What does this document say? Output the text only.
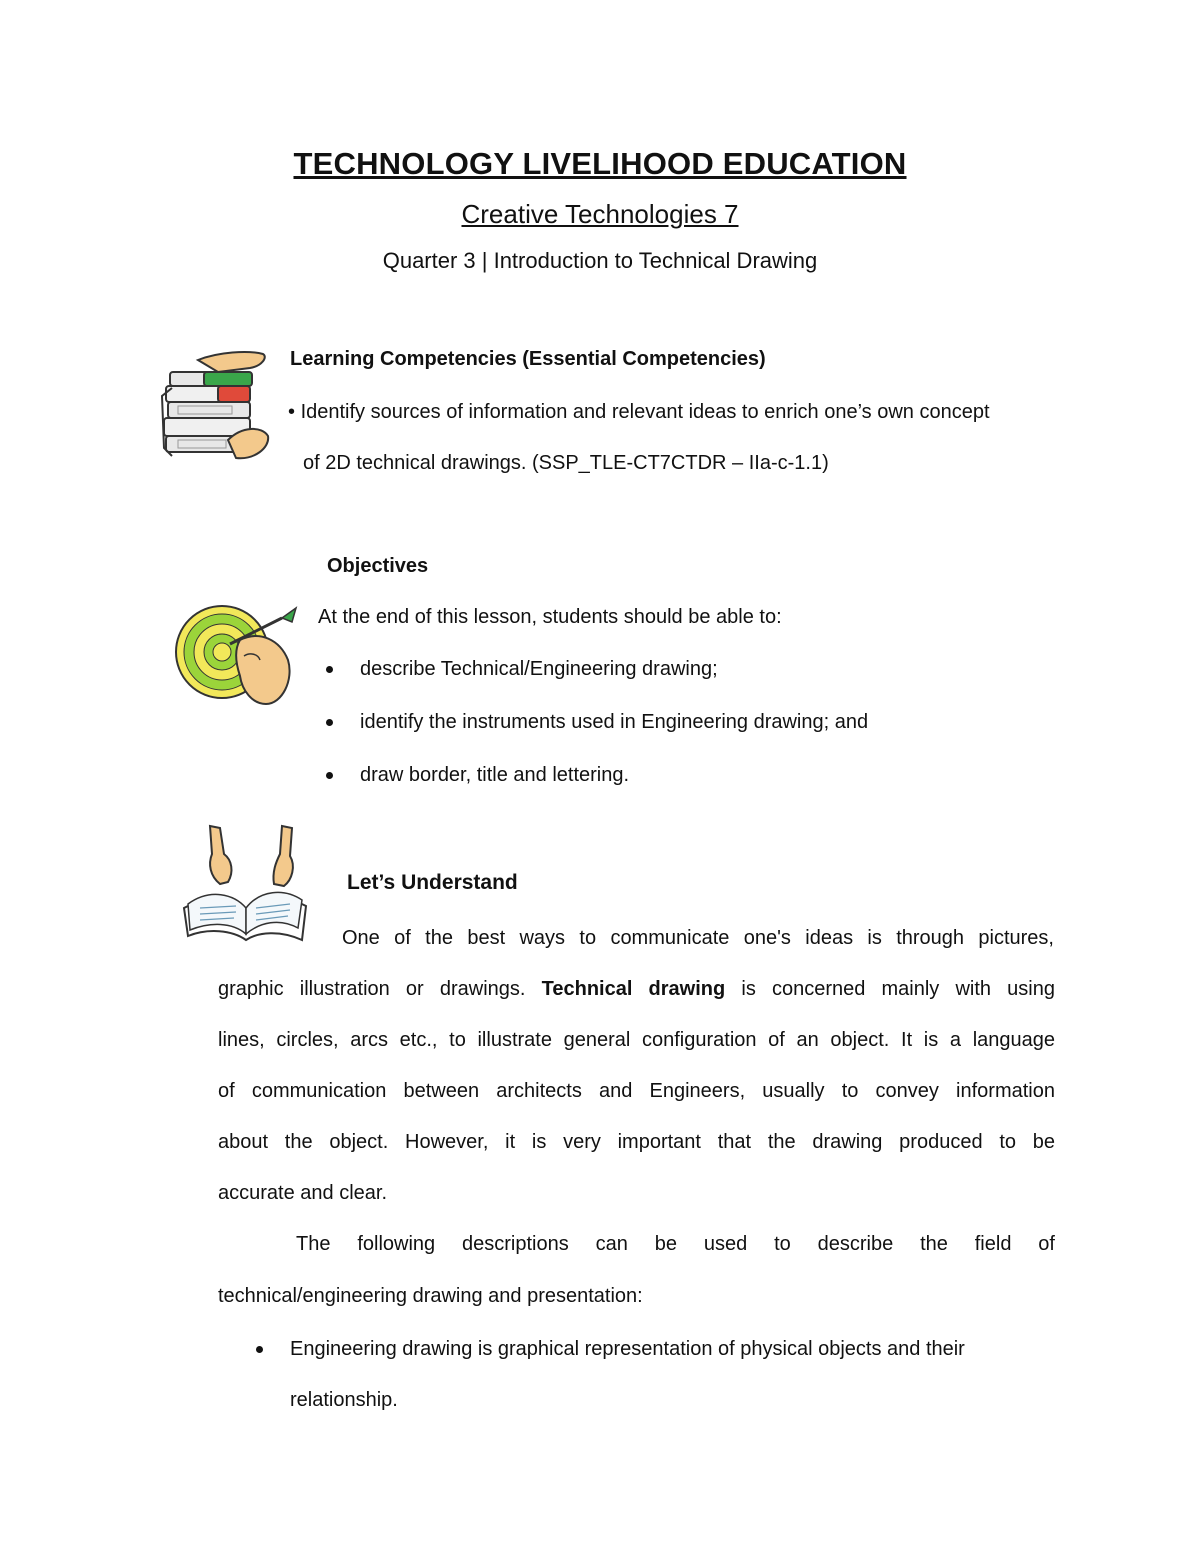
TECHNOLOGY LIVELIHOOD EDUCATION
Creative Technologies 7
Quarter 3 | Introduction to Technical Drawing
Learning Competencies (Essential Competencies)
• Identify sources of information and relevant ideas to enrich one’s own concept
of 2D technical drawings. (SSP_TLE-CT7CTDR – IIa-c-1.1)
Objectives
At the end of this lesson, students should be able to:
describe Technical/Engineering drawing;
identify the instruments used in Engineering drawing; and
draw border, title and lettering.
Let’s Understand
One of the best ways to communicate one's ideas is through pictures,
graphic illustration or drawings. Technical drawing is concerned mainly with using
lines, circles, arcs etc., to illustrate general configuration of an object. It is a language
of communication between architects and Engineers, usually to convey information
about the object. However, it is very important that the drawing produced to be
accurate and clear.
The following descriptions can be used to describe the field of
technical/engineering drawing and presentation:
Engineering drawing is graphical representation of physical objects and their
relationship.
